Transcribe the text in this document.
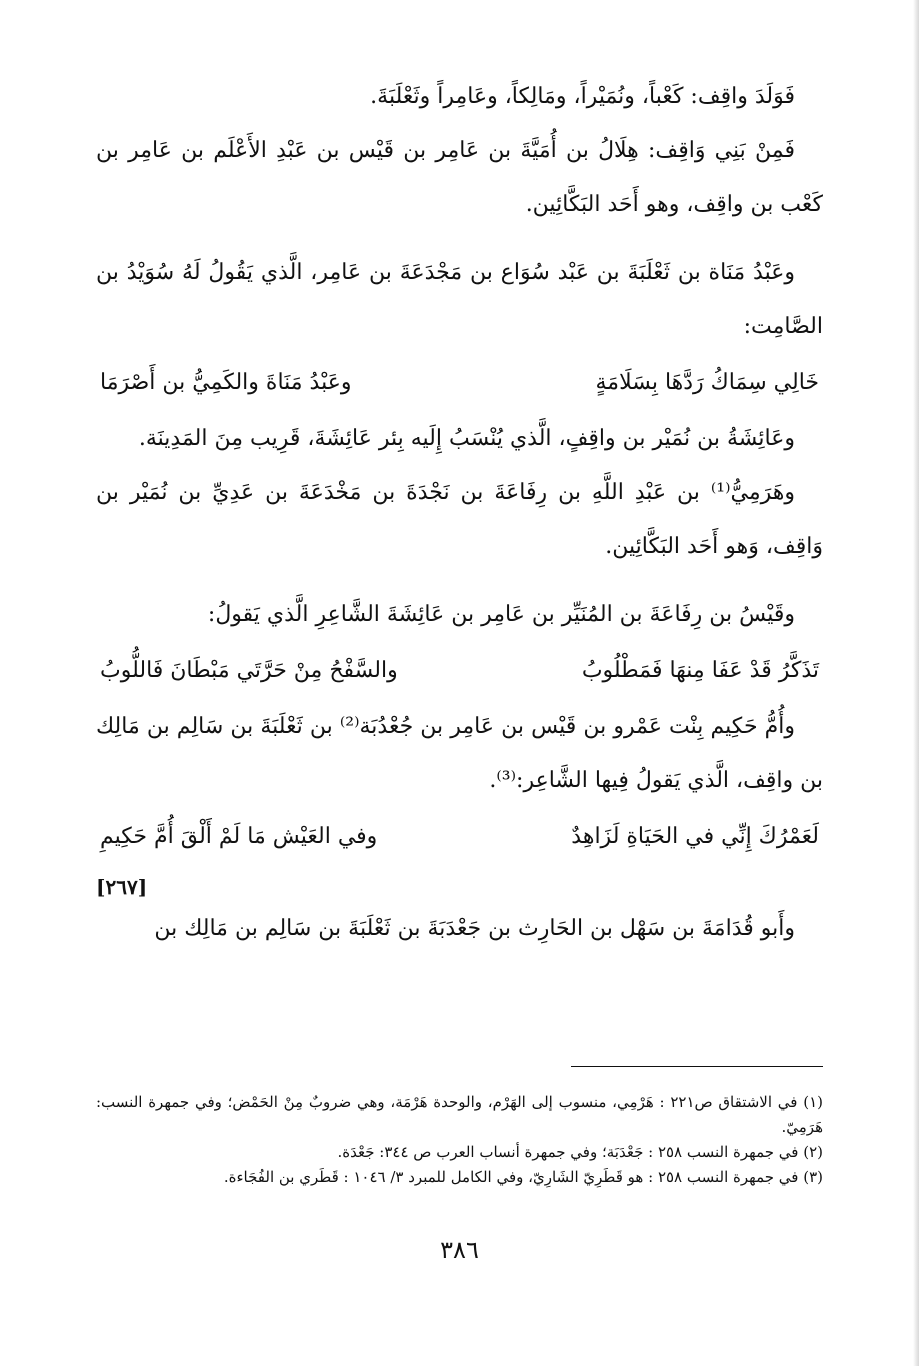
فَوَلَدَ واقِف: كَعْباً، ونُمَيْراً، ومَالِكاً، وعَامِراً وثَعْلَبَةَ.

فَمِنْ بَنِي وَاقِف: هِلَالُ بن أُمَيَّةَ بن عَامِر بن قَيْس بن عَبْدِ الأَعْلَم بن عَامِر بن كَعْب بن واقِف، وهو أَحَد البَكَّائِين.

وعَبْدُ مَنَاة بن ثَعْلَبَةَ بن عَبْد سُوَاع بن مَجْدَعَةَ بن عَامِر، الَّذي يَقُولُ لَهُ سُوَيْدُ بن الصَّامِت:

خَالِي سِمَاكُ رَدَّهَا بِسَلَامَةٍ
وعَبْدُ مَنَاةَ والكَمِيُّ بن أَصْرَمَا

وعَائِشَةُ بن نُمَيْر بن واقِفٍ، الَّذي يُنْسَبُ إِلَيه بِئر عَائِشَةَ، قَرِيب مِنَ المَدِينَة.

وهَرَمِيُّ⁽¹⁾ بن عَبْدِ اللَّهِ بن رِفَاعَةَ بن نَجْدَةَ بن مَخْدَعَةَ بن عَدِيِّ بن نُمَيْر بن وَاقِف، وَهو أَحَد البَكَّائِين.

وقَيْسُ بن رِفَاعَةَ بن المُنَيِّر بن عَامِر بن عَائِشَةَ الشَّاعِرِ الَّذي يَقولُ:

تَذَكَّرُ قَدْ عَفَا مِنهَا فَمَطْلُوبُ
والسَّفْحُ مِنْ حَرَّتَي مَبْطَانَ فَاللُّوبُ

وأُمُّ حَكِيم بِنْت عَمْرو بن قَيْس بن عَامِر بن جُعْدُبَة⁽²⁾ بن ثَعْلَبَةَ بن سَالِم بن مَالِك بن واقِف، الَّذي يَقولُ فِيها الشَّاعِر:⁽³⁾.

لَعَمْرُكَ إِنِّي في الحَيَاةِ لَزَاهِدٌ
وفي العَيْش مَا لَمْ أَلْقَ أُمَّ حَكِيمِ
[٢٦٧]

وأَبو قُدَامَةَ بن سَهْل بن الحَارِث بن جَعْدَبَةَ بن ثَعْلَبَةَ بن سَالِم بن مَالِك بن

(١) في الاشتقاق ص٢٢١ : هَرْمِي، منسوب إلى الهَرْم، والوحدة هَرْمَة، وهي ضروبٌ مِنْ الحَمْض؛ وفي جمهرة النسب: هَرَمِيّ.

(٢) في جمهرة النسب ٢٥٨ : جَعْدَبَة؛ وفي جمهرة أنساب العرب ص ٣٤٤: جَعْدَة.

(٣) في جمهرة النسب ٢٥٨ : هو قَطَرِيّ الشَارِيّ، وفي الكامل للمبرد ٣/ ١٠٤٦ : قَطَري بن الفُجَاءة.

٣٨٦
